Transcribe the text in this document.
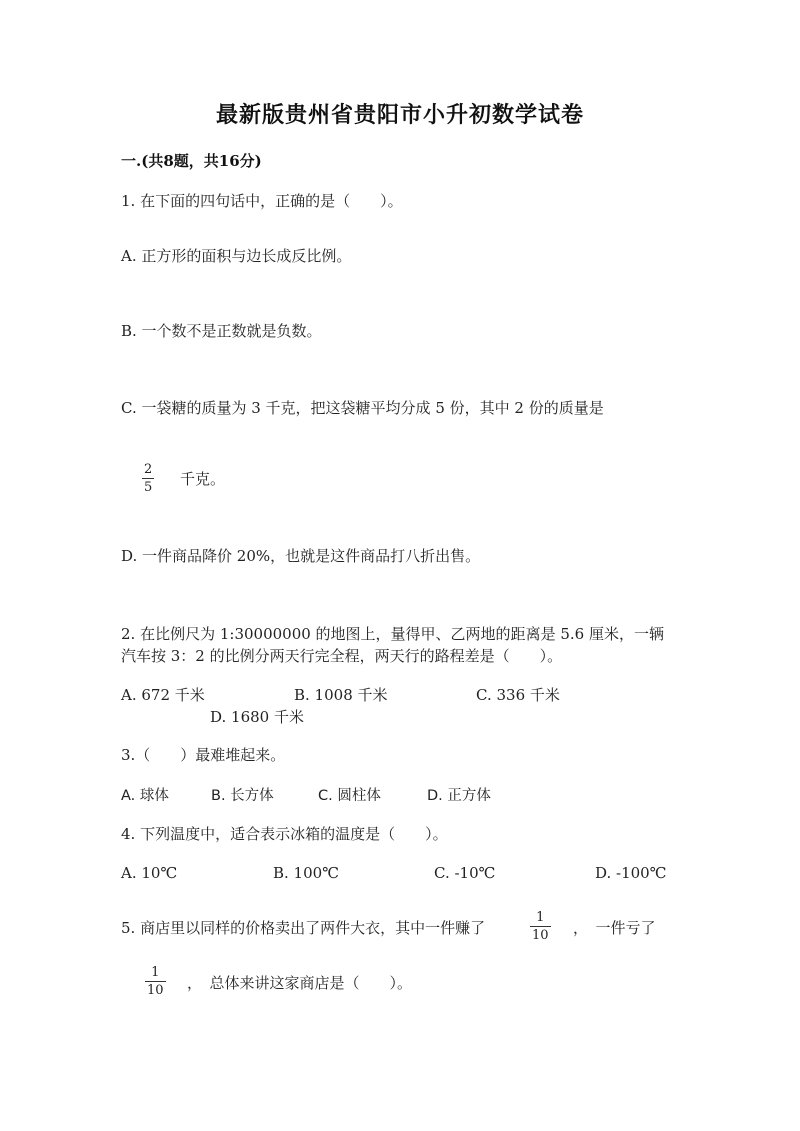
最新版贵州省贵阳市小升初数学试卷
一.(共8题，共16分)
1. 在下面的四句话中，正确的是（　　）。
A. 正方形的面积与边长成反比例。
B. 一个数不是正数就是负数。
C. 一袋糖的质量为 3 千克，把这袋糖平均分成 5 份，其中 2 份的质量是
2
5 千克。
D. 一件商品降价 20%，也就是这件商品打八折出售。
2. 在比例尺为 1:30000000 的地图上，量得甲、乙两地的距离是 5.6 厘米，一辆
汽车按 3：2 的比例分两天行完全程，两天行的路程差是（　　）。
A. 672 千米	B. 1008 千米	C. 336 千米
D. 1680 千米
3.（　　）最难堆起来。
A. 球体	B. 长方体	C. 圆柱体	D. 正方体
4. 下列温度中，适合表示冰箱的温度是（　　）。
A. 10℃	B. 100℃	C. -10℃	D. -100℃
5. 商店里以同样的价格卖出了两件大衣，其中一件赚了
1
10 ，　一件亏了
1
10 ，　总体来讲这家商店是（　　）。
